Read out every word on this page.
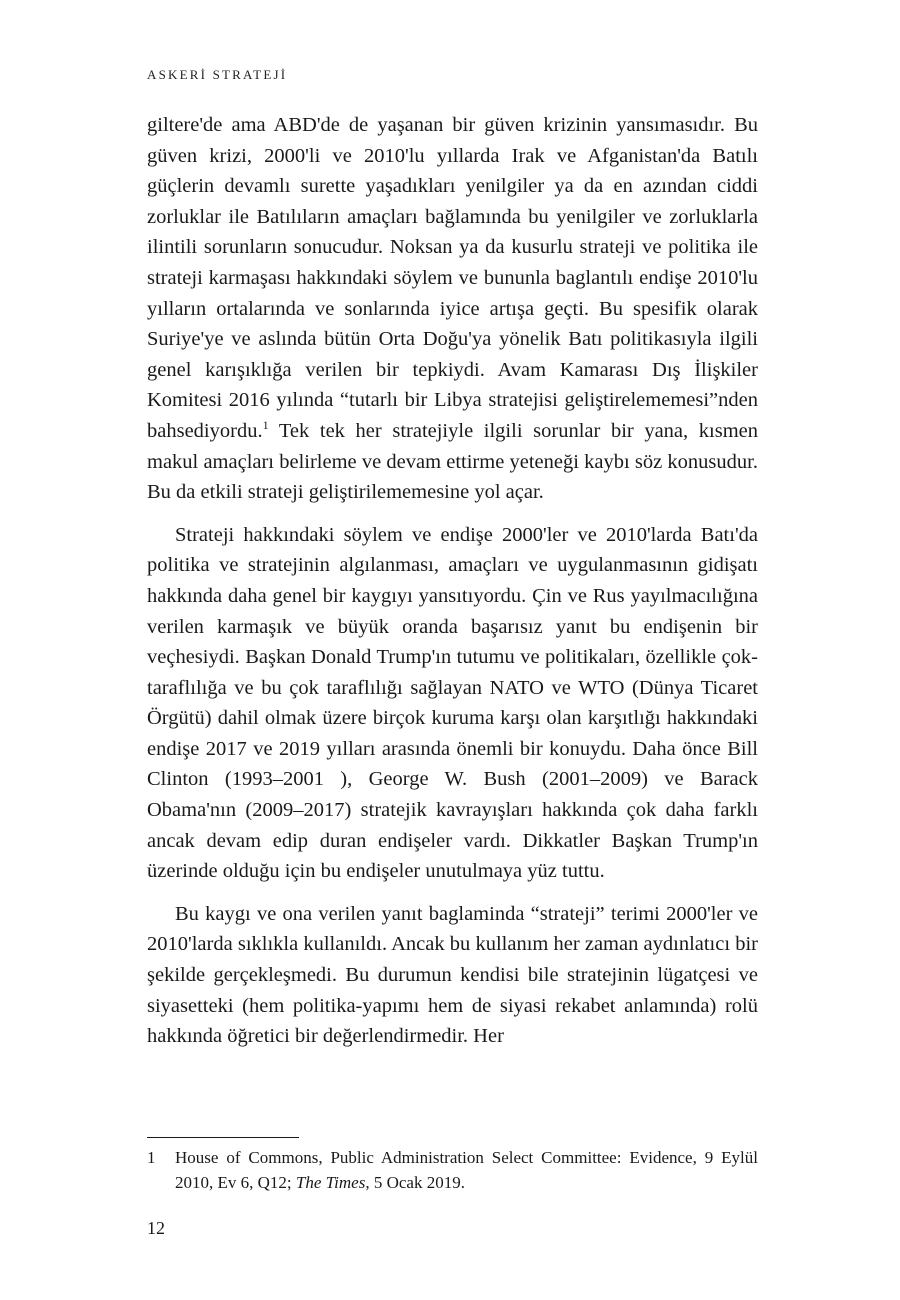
ASKERİ STRATEJİ

giltere'de ama ABD'de de yaşanan bir güven krizinin yansımasıdır. Bu güven krizi, 2000'li ve 2010'lu yıllarda Irak ve Afganistan'da Batılı güçlerin devamlı surette yaşadıkları yenilgiler ya da en azından ciddi zorluklar ile Batılıların amaçları bağlamında bu yenilgiler ve zorluklarla ilintili sorunların sonucudur. Noksan ya da kusurlu strateji ve politika ile strateji karmaşası hakkındaki söylem ve bununla baglantılı endişe 2010'lu yılların ortalarında ve sonlarında iyice artışa geçti. Bu spesifik olarak Suriye'ye ve aslında bütün Orta Doğu'ya yönelik Batı politikasıyla ilgili genel karışıklığa verilen bir tepkiydi. Avam Kamarası Dış İlişkiler Komitesi 2016 yılında “tutarlı bir Libya stratejisi geliştirelememesi”nden bahsediyordu.$^1$ Tek tek her stratejiyle ilgili sorunlar bir yana, kısmen makul amaçları belirleme ve devam ettirme yeteneği kaybı söz konusudur. Bu da etkili strateji geliştirilememesine yol açar.

Strateji hakkındaki söylem ve endişe 2000'ler ve 2010'larda Batı'da politika ve stratejinin algılanması, amaçları ve uygulanmasının gidişatı hakkında daha genel bir kaygıyı yansıtıyordu. Çin ve Rus yayılmacılığına verilen karmaşık ve büyük oranda başarısız yanıt bu endişenin bir veçhesiydi. Başkan Donald Trump'ın tutumu ve politikaları, özellikle çok-taraflılığa ve bu çok taraflılığı sağlayan NATO ve WTO (Dünya Ticaret Örgütü) dahil olmak üzere birçok kuruma karşı olan karşıtlığı hakkındaki endişe 2017 ve 2019 yılları arasında önemli bir konuydu. Daha önce Bill Clinton (1993–2001 ), George W. Bush (2001–2009) ve Barack Obama'nın (2009–2017) stratejik kavrayışları hakkında çok daha farklı ancak devam edip duran endişeler vardı. Dikkatler Başkan Trump'ın üzerinde olduğu için bu endişeler unutulmaya yüz tuttu.

Bu kaygı ve ona verilen yanıt baglaminda “strateji” terimi 2000'ler ve 2010'larda sıklıkla kullanıldı. Ancak bu kullanım her zaman aydınlatıcı bir şekilde gerçekleşmedi. Bu durumun kendisi bile stratejinin lügatçesi ve siyasetteki (hem politika-yapımı hem de siyasi rekabet anlamında) rolü hakkında öğretici bir değerlendirmedir. Her

1 House of Commons, Public Administration Select Committee: Evidence, 9 Eylül 2010, Ev 6, Q12; The Times, 5 Ocak 2019.
12
